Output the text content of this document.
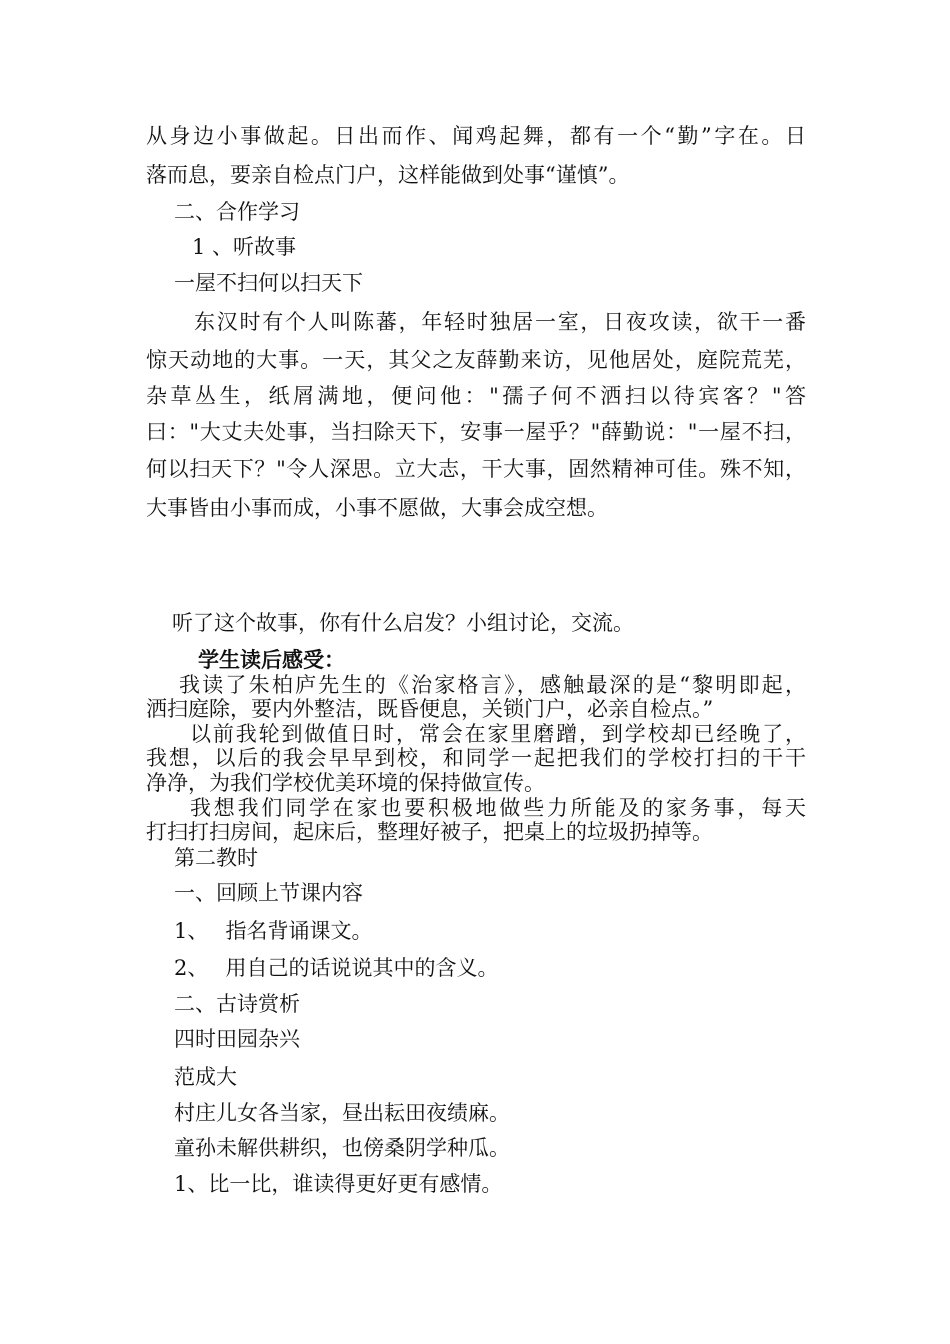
从身边小事做起。日出而作、闻鸡起舞，都有一个“勤”字在。日
落而息，要亲自检点门户，这样能做到处事“谨慎”。
二、合作学习
1 、听故事
一屋不扫何以扫天下
东汉时有个人叫陈蕃，年轻时独居一室，日夜攻读，欲干一番
惊天动地的大事。一天，其父之友薛勤来访，见他居处，庭院荒芜，
杂草丛生，纸屑满地，便问他："孺子何不洒扫以待宾客？"答
曰："大丈夫处事，当扫除天下，安事一屋乎？"薛勤说："一屋不扫，
何以扫天下？"令人深思。立大志，干大事，固然精神可佳。殊不知，
大事皆由小事而成，小事不愿做，大事会成空想。
听了这个故事，你有什么启发？小组讨论，交流。
学生读后感受：
我读了朱柏庐先生的《治家格言》，感触最深的是“黎明即起，
洒扫庭除，要内外整洁，既昏便息，关锁门户，必亲自检点。”
以前我轮到做值日时，常会在家里磨蹭，到学校却已经晚了，
我想，以后的我会早早到校，和同学一起把我们的学校打扫的干干
净净，为我们学校优美环境的保持做宣传。
我想我们同学在家也要积极地做些力所能及的家务事，每天
打扫打扫房间，起床后，整理好被子，把桌上的垃圾扔掉等。
第二教时
一、回顾上节课内容
1、　 指名背诵课文。
2、　 用自己的话说说其中的含义。
二、古诗赏析
四时田园杂兴
范成大
村庄儿女各当家，昼出耘田夜绩麻。
童孙未解供耕织，也傍桑阴学种瓜。
1、比一比，谁读得更好更有感情。
